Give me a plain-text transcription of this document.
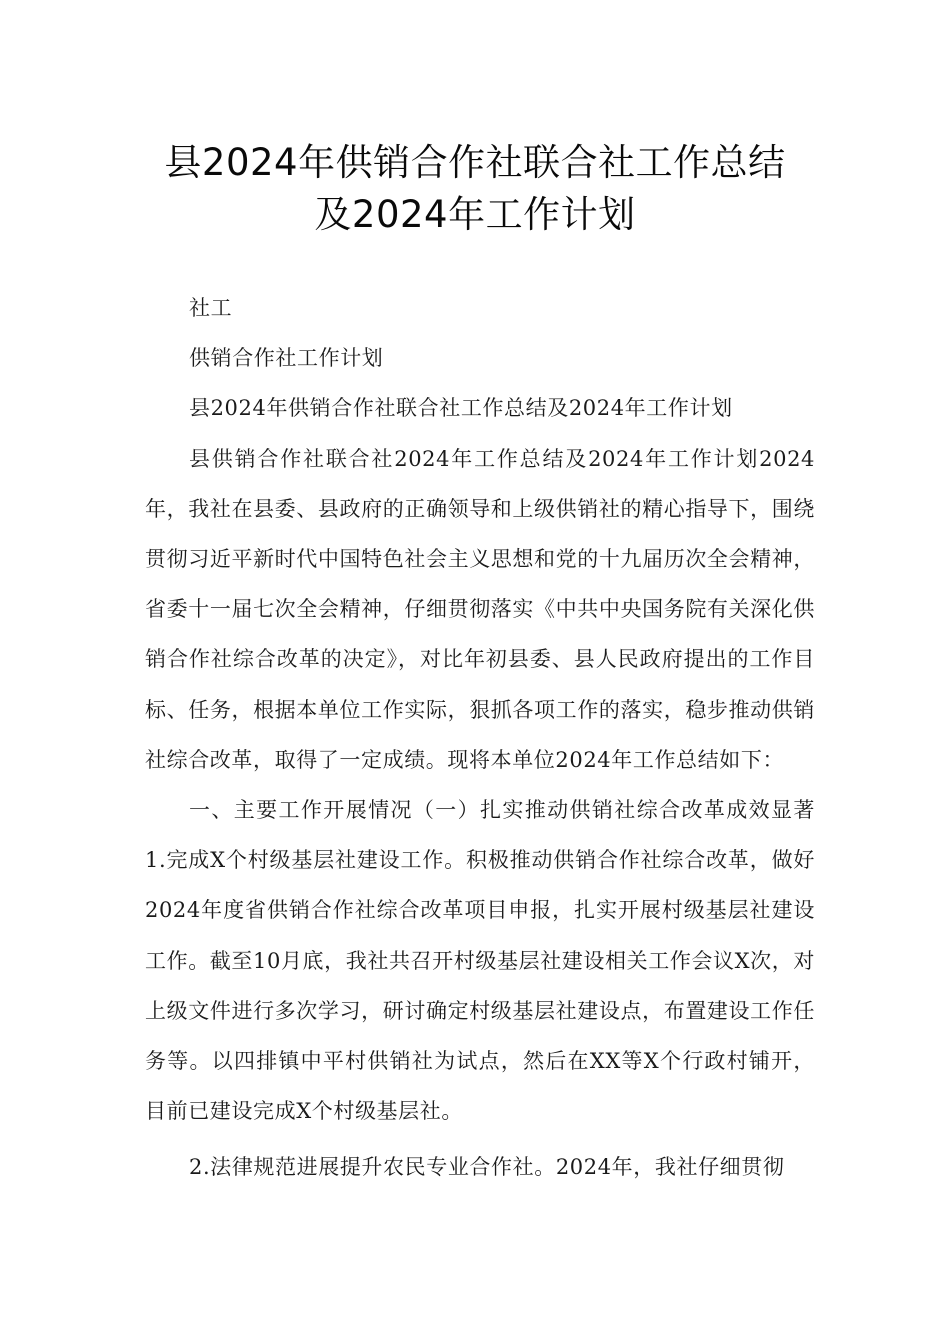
县2024年供销合作社联合社工作总结
及2024年工作计划

社工

供销合作社工作计划

县2024年供销合作社联合社工作总结及2024年工作计划

县供销合作社联合社2024年工作总结及2024年工作计划2024年，我社在县委、县政府的正确领导和上级供销社的精心指导下，围绕贯彻习近平新时代中国特色社会主义思想和党的十九届历次全会精神，省委十一届七次全会精神，仔细贯彻落实《中共中央国务院有关深化供销合作社综合改革的决定》，对比年初县委、县人民政府提出的工作目标、任务，根据本单位工作实际，狠抓各项工作的落实，稳步推动供销社综合改革，取得了一定成绩。现将本单位2024年工作总结如下：

一、主要工作开展情况（一）扎实推动供销社综合改革成效显著1.完成X个村级基层社建设工作。积极推动供销合作社综合改革，做好2024年度省供销合作社综合改革项目申报，扎实开展村级基层社建设工作。截至10月底，我社共召开村级基层社建设相关工作会议X次，对上级文件进行多次学习，研讨确定村级基层社建设点，布置建设工作任务等。以四排镇中平村供销社为试点，然后在XX等X个行政村铺开，目前已建设完成X个村级基层社。

2.法律规范进展提升农民专业合作社。2024年，我社仔细贯彻
